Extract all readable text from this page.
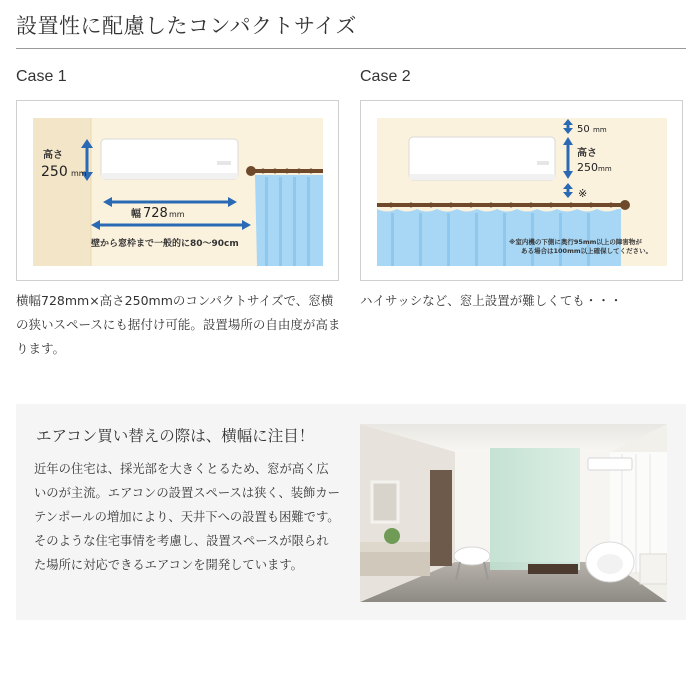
設置性に配慮したコンパクトサイズ
Case 1	Case 2
高さ
250 mm
幅 728 mm
壁から窓枠まで一般的に80～90cm
50 mm
高さ
250 mm
※
※室内機の下側に奥行95mm以上の障害物が
ある場合は100mm以上確保してください。
横幅728mm×高さ250mmのコンパクトサイズで、窓横の狭いスペースにも据付け可能。設置場所の自由度が高まります。
ハイサッシなど、窓上設置が難しくても・・・
エアコン買い替えの際は、横幅に注目！

近年の住宅は、採光部を大きくとるため、窓が高く広いのが主流。エアコンの設置スペースは狭く、装飾カーテンポールの増加により、天井下への設置も困難です。

そのような住宅事情を考慮し、設置スペースが限られた場所に対応できるエアコンを開発しています。
